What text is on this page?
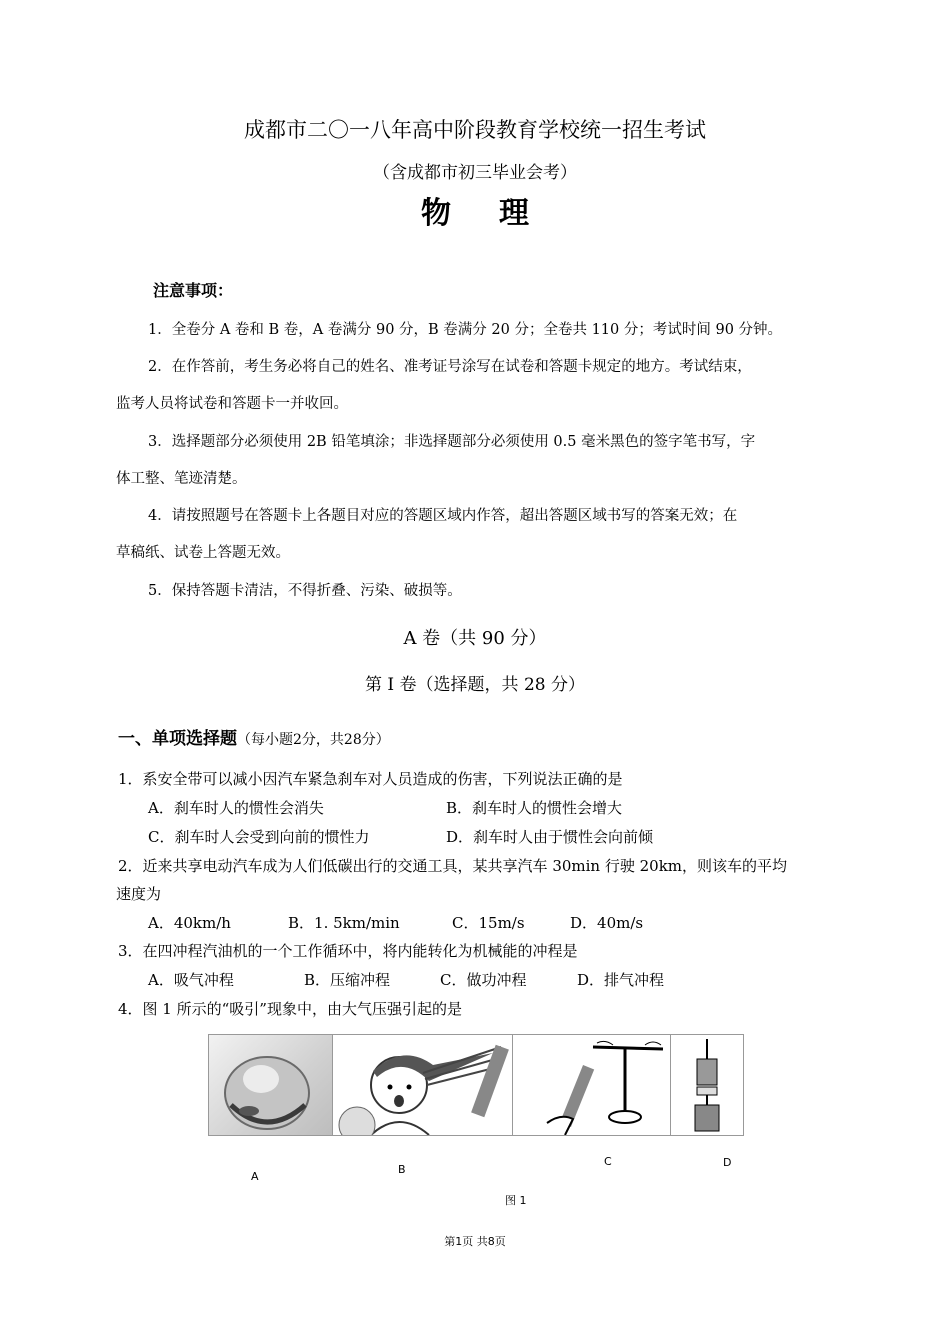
成都市二〇一八年高中阶段教育学校统一招生考试
（含成都市初三毕业会考）
物理
注意事项：
1．全卷分 A 卷和 B 卷，A 卷满分 90 分，B 卷满分 20 分；全卷共 110 分；考试时间 90 分钟。
2．在作答前，考生务必将自己的姓名、准考证号涂写在试卷和答题卡规定的地方。考试结束，
监考人员将试卷和答题卡一并收回。
3．选择题部分必须使用 2B 铅笔填涂；非选择题部分必须使用 0.5 毫米黑色的签字笔书写，字
体工整、笔迹清楚。
4．请按照题号在答题卡上各题目对应的答题区域内作答，超出答题区域书写的答案无效；在
草稿纸、试卷上答题无效。
5．保持答题卡清洁，不得折叠、污染、破损等。
A 卷（共 90 分）
第 I 卷（选择题，共 28 分）
一、单项选择题（每小题2分，共28分）
1．系安全带可以减小因汽车紧急刹车对人员造成的伤害，下列说法正确的是
A．刹车时人的惯性会消失	B．刹车时人的惯性会增大
C．刹车时人会受到向前的惯性力	D．刹车时人由于惯性会向前倾
2．近来共享电动汽车成为人们低碳出行的交通工具，某共享汽车 30min 行驶 20km，则该车的平均
速度为
A．40km/h	B．1. 5km/min	C．15m/s	D．40m/s
3．在四冲程汽油机的一个工作循环中，将内能转化为机械能的冲程是
A．吸气冲程	B．压缩冲程	C．做功冲程	D．排气冲程
4．图 1 所示的“吸引”现象中，由大气压强引起的是
A
B
C	D
图 1
第1页 共8页
